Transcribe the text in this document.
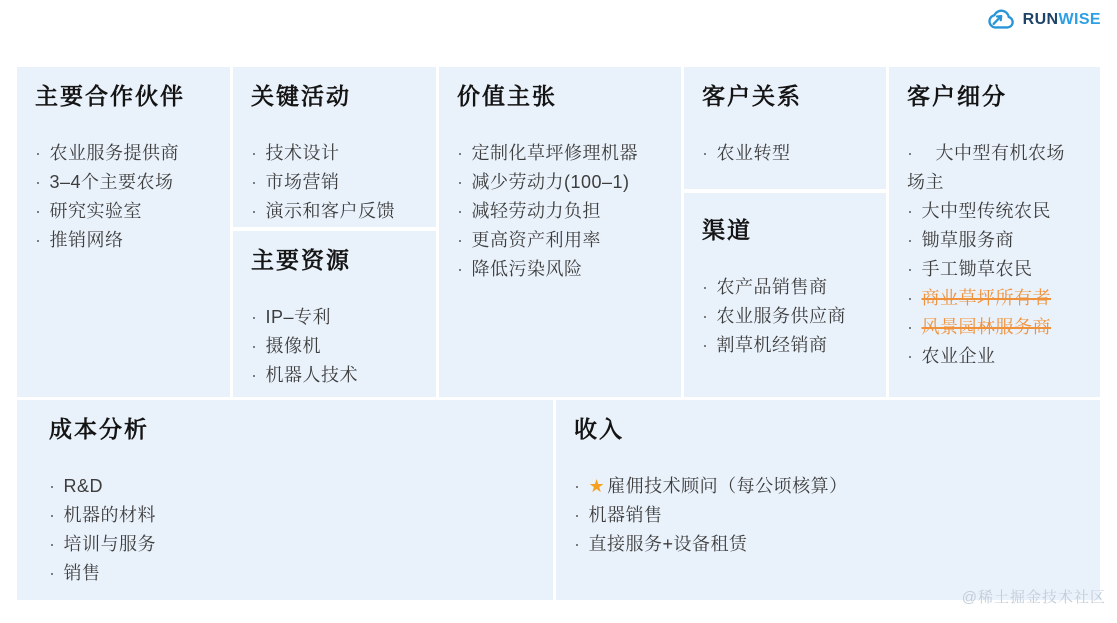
RUNWISE
主要合作伙伴
· 农业服务提供商
· 3–4个主要农场
· 研究实验室
· 推销网络
关键活动
· 技术设计
· 市场营销
· 演示和客户反馈
主要资源
· IP–专利
· 摄像机
· 机器人技术
价值主张
· 定制化草坪修理机器
· 减少劳动力(100–1)
· 减轻劳动力负担
· 更高资产利用率
· 降低污染风险
客户关系
· 农业转型
渠道
· 农产品销售商
· 农业服务供应商
· 割草机经销商
客户细分
· 大中型有机农场场主
· 大中型传统农民
· 锄草服务商
· 手工锄草农民
· 商业草坪所有者
· 风景园林服务商
· 农业企业
成本分析
· R&D
· 机器的材料
· 培训与服务
· 销售
收入
· ★ 雇佣技术顾问（每公顷核算）
· 机器销售
· 直接服务+设备租赁
@稀土掘金技术社区
